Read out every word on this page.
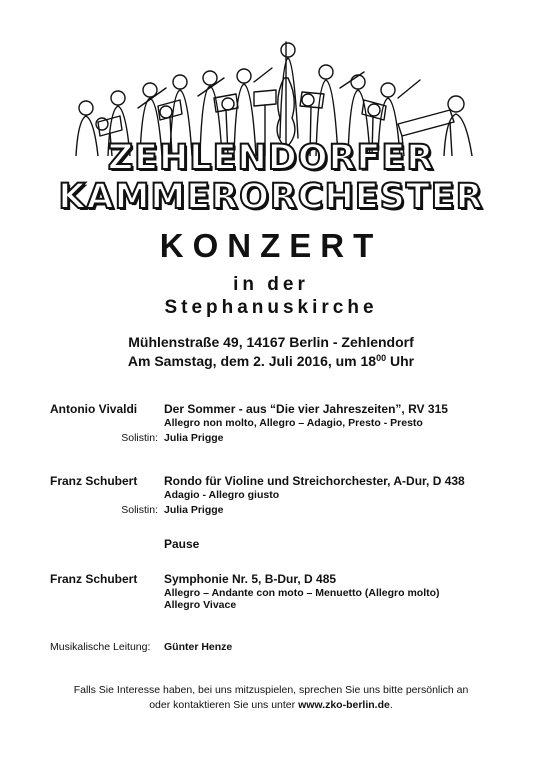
ZEHLENDORFER
KAMMERORCHESTER
KONZERT
in der
Stephanuskirche
Mühlenstraße 49, 14167 Berlin - Zehlendorf
Am Samstag, dem 2. Juli 2016, um $18^{00}$ Uhr
Antonio Vivaldi Der Sommer - aus “Die vier Jahreszeiten”, RV 315
Allegro non molto, Allegro – Adagio, Presto - Presto
Solistin: Julia Prigge
Franz Schubert Rondo für Violine und Streichorchester, A-Dur, D 438
Adagio - Allegro giusto
Solistin: Julia Prigge
Pause
Franz Schubert Symphonie Nr. 5, B-Dur, D 485
Allegro – Andante con moto – Menuetto (Allegro molto)
Allegro Vivace
Musikalische Leitung: Günter Henze
Falls Sie Interesse haben, bei uns mitzuspielen, sprechen Sie uns bitte persönlich an
oder kontaktieren Sie uns unter www.zko-berlin.de.
